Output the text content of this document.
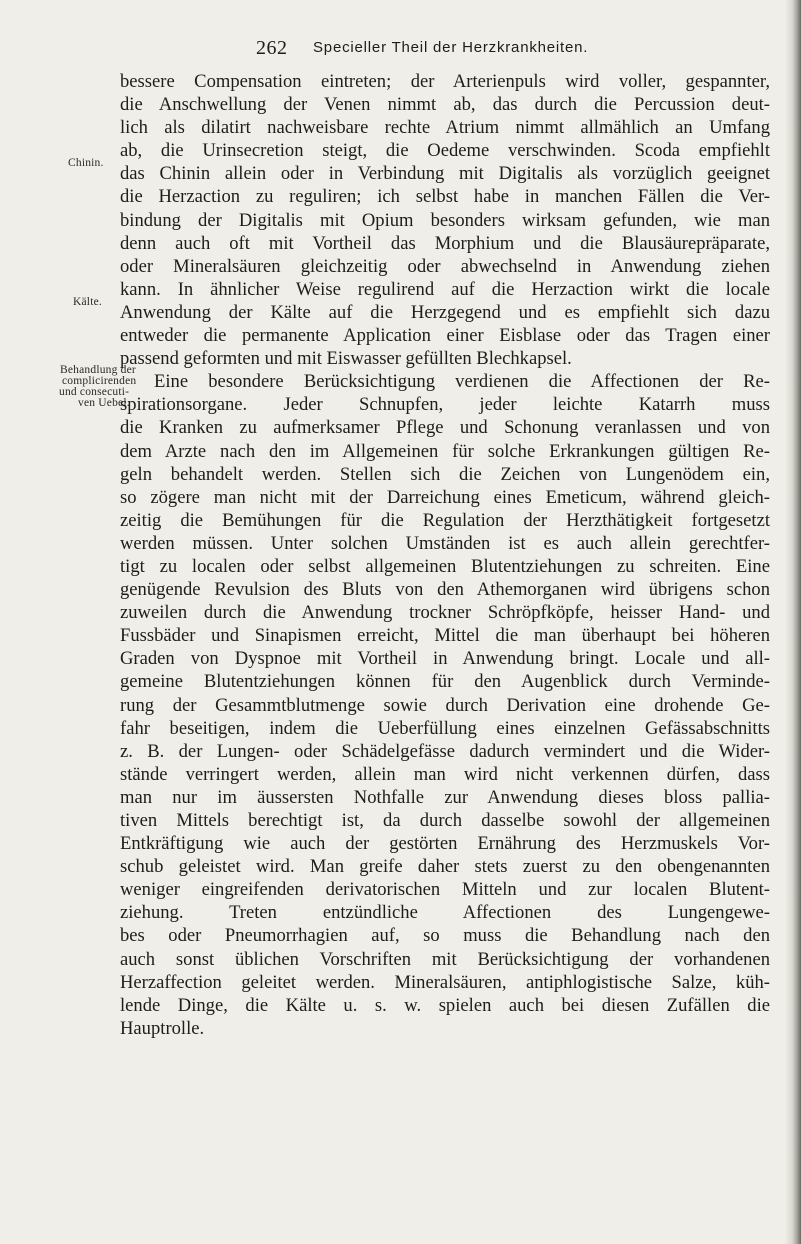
262 Specieller Theil der Herzkrankheiten.
Chinin.
Kälte.
Behandlung der
complicirenden
und consecuti-
ven Uebel.
bessere Compensation eintreten; der Arterienpuls wird voller, gespannter,
die Anschwellung der Venen nimmt ab, das durch die Percussion deut-
lich als dilatirt nachweisbare rechte Atrium nimmt allmählich an Umfang
ab, die Urinsecretion steigt, die Oedeme verschwinden. Scoda empfiehlt
das Chinin allein oder in Verbindung mit Digitalis als vorzüglich geeignet
die Herzaction zu reguliren; ich selbst habe in manchen Fällen die Ver-
bindung der Digitalis mit Opium besonders wirksam gefunden, wie man
denn auch oft mit Vortheil das Morphium und die Blausäurepräparate,
oder Mineralsäuren gleichzeitig oder abwechselnd in Anwendung ziehen
kann. In ähnlicher Weise regulirend auf die Herzaction wirkt die locale
Anwendung der Kälte auf die Herzgegend und es empfiehlt sich dazu
entweder die permanente Application einer Eisblase oder das Tragen einer
passend geformten und mit Eiswasser gefüllten Blechkapsel.
Eine besondere Berücksichtigung verdienen die Affectionen der Re-
spirationsorgane. Jeder Schnupfen, jeder leichte Katarrh muss
die Kranken zu aufmerksamer Pflege und Schonung veranlassen und von
dem Arzte nach den im Allgemeinen für solche Erkrankungen gültigen Re-
geln behandelt werden. Stellen sich die Zeichen von Lungenödem ein,
so zögere man nicht mit der Darreichung eines Emeticum, während gleich-
zeitig die Bemühungen für die Regulation der Herzthätigkeit fortgesetzt
werden müssen. Unter solchen Umständen ist es auch allein gerechtfer-
tigt zu localen oder selbst allgemeinen Blutentziehungen zu schreiten. Eine
genügende Revulsion des Bluts von den Athemorganen wird übrigens schon
zuweilen durch die Anwendung trockner Schröpfköpfe, heisser Hand- und
Fussbäder und Sinapismen erreicht, Mittel die man überhaupt bei höheren
Graden von Dyspnoe mit Vortheil in Anwendung bringt. Locale und all-
gemeine Blutentziehungen können für den Augenblick durch Verminde-
rung der Gesammtblutmenge sowie durch Derivation eine drohende Ge-
fahr beseitigen, indem die Ueberfüllung eines einzelnen Gefässabschnitts
z. B. der Lungen- oder Schädelgefässe dadurch vermindert und die Wider-
stände verringert werden, allein man wird nicht verkennen dürfen, dass
man nur im äussersten Nothfalle zur Anwendung dieses bloss pallia-
tiven Mittels berechtigt ist, da durch dasselbe sowohl der allgemeinen
Entkräftigung wie auch der gestörten Ernährung des Herzmuskels Vor-
schub geleistet wird. Man greife daher stets zuerst zu den obengenannten
weniger eingreifenden derivatorischen Mitteln und zur localen Blutent-
ziehung. Treten entzündliche Affectionen des Lungengewe-
bes oder Pneumorrhagien auf, so muss die Behandlung nach den
auch sonst üblichen Vorschriften mit Berücksichtigung der vorhandenen
Herzaffection geleitet werden. Mineralsäuren, antiphlogistische Salze, küh-
lende Dinge, die Kälte u. s. w. spielen auch bei diesen Zufällen die
Hauptrolle.
